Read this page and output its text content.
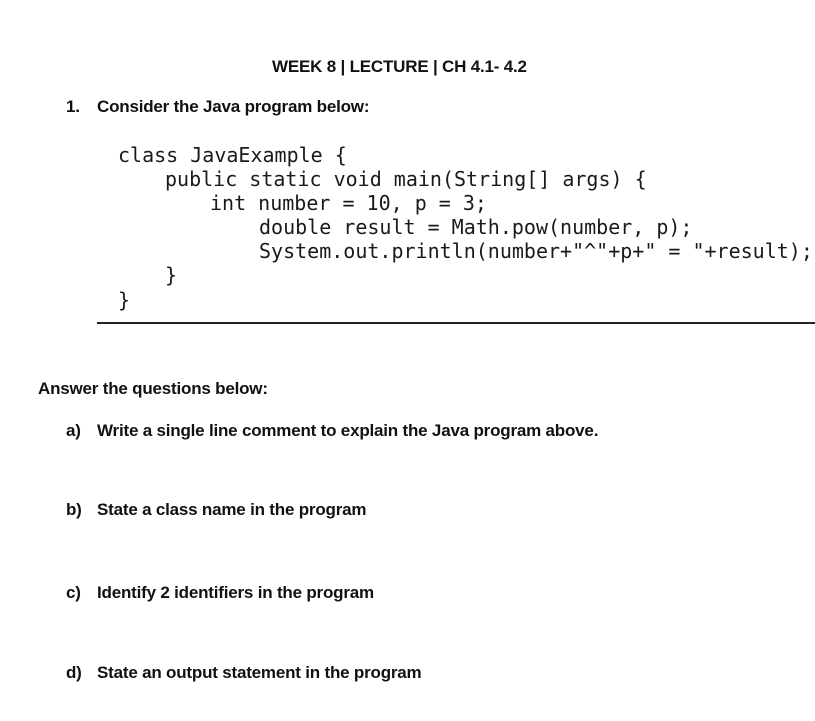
WEEK 8 | LECTURE | CH 4.1- 4.2
1. Consider the Java program below:
class JavaExample {
public static void main(String[] args) {
int number = 10, p = 3;
double result = Math.pow(number, p);
System.out.println(number+"^"+p+" = "+result);
}
}
Answer the questions below:
a) Write a single line comment to explain the Java program above.
b) State a class name in the program
c) Identify 2 identifiers in the program
d) State an output statement in the program
